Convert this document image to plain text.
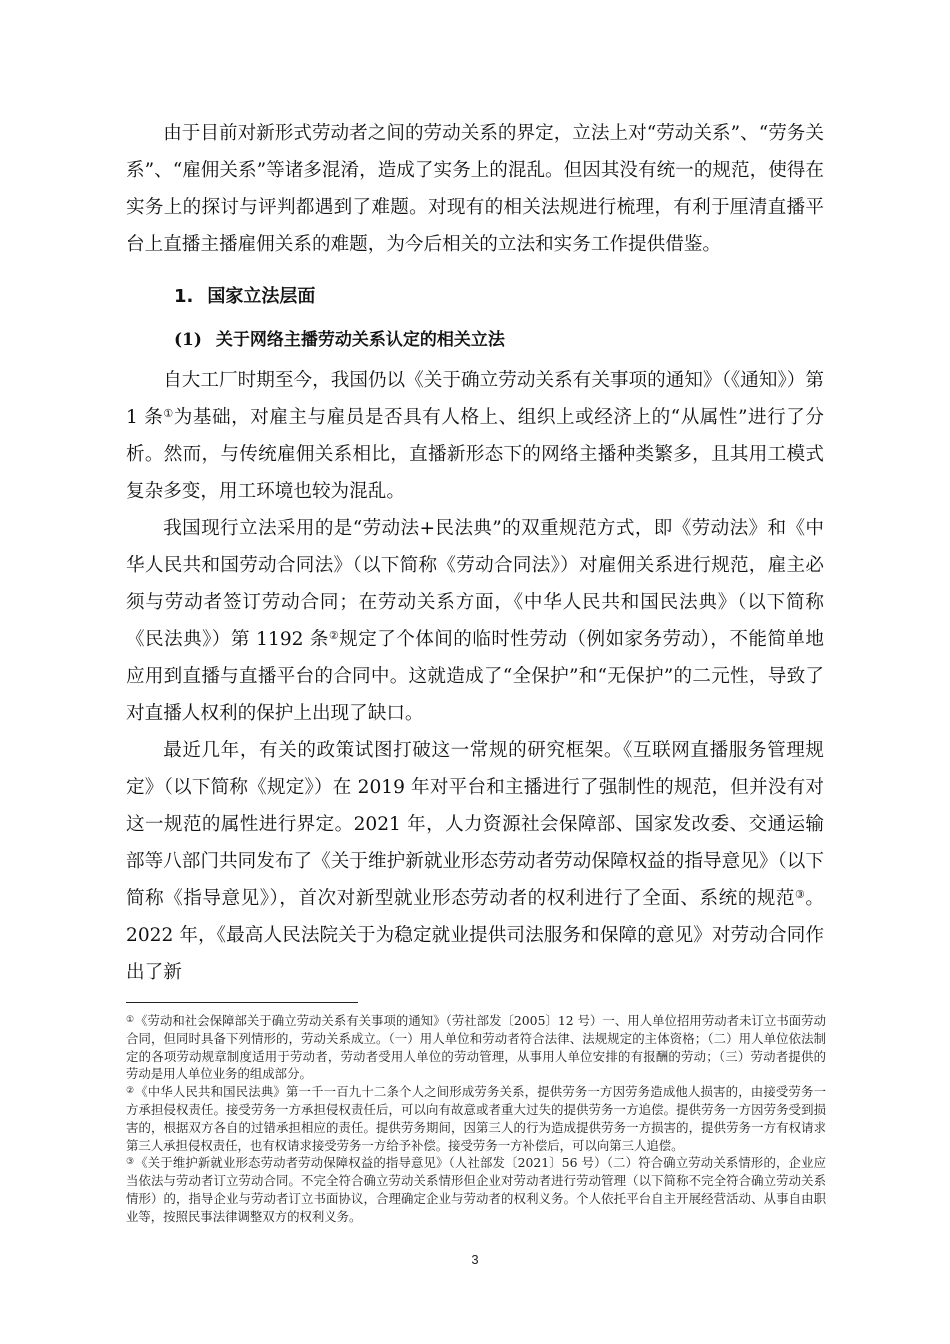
由于目前对新形式劳动者之间的劳动关系的界定，立法上对“劳动关系”、“劳务关系”、“雇佣关系”等诸多混淆，造成了实务上的混乱。但因其没有统一的规范，使得在实务上的探讨与评判都遇到了难题。对现有的相关法规进行梳理，有利于厘清直播平台上直播主播雇佣关系的难题，为今后相关的立法和实务工作提供借鉴。

1. 国家立法层面
(1) 关于网络主播劳动关系认定的相关立法

自大工厂时期至今，我国仍以《关于确立劳动关系有关事项的通知》（《通知》）第 1 条①为基础，对雇主与雇员是否具有人格上、组织上或经济上的“从属性”进行了分析。然而，与传统雇佣关系相比，直播新形态下的网络主播种类繁多，且其用工模式复杂多变，用工环境也较为混乱。

我国现行立法采用的是“劳动法+民法典”的双重规范方式，即《劳动法》和《中华人民共和国劳动合同法》（以下简称《劳动合同法》）对雇佣关系进行规范，雇主必须与劳动者签订劳动合同；在劳动关系方面，《中华人民共和国民法典》（以下简称《民法典》）第 1192 条②规定了个体间的临时性劳动（例如家务劳动），不能简单地应用到直播与直播平台的合同中。这就造成了“全保护”和“无保护”的二元性，导致了对直播人权利的保护上出现了缺口。

最近几年，有关的政策试图打破这一常规的研究框架。《互联网直播服务管理规定》（以下简称《规定》）在 2019 年对平台和主播进行了强制性的规范，但并没有对这一规范的属性进行界定。2021 年，人力资源社会保障部、国家发改委、交通运输部等八部门共同发布了《关于维护新就业形态劳动者劳动保障权益的指导意见》（以下简称《指导意见》），首次对新型就业形态劳动者的权利进行了全面、系统的规范③。2022 年，《最高人民法院关于为稳定就业提供司法服务和保障的意见》对劳动合同作出了新

①《劳动和社会保障部关于确立劳动关系有关事项的通知》（劳社部发〔2005〕12 号）一、用人单位招用劳动者未订立书面劳动合同，但同时具备下列情形的，劳动关系成立。（一）用人单位和劳动者符合法律、法规规定的主体资格；（二）用人单位依法制定的各项劳动规章制度适用于劳动者，劳动者受用人单位的劳动管理，从事用人单位安排的有报酬的劳动；（三）劳动者提供的劳动是用人单位业务的组成部分。

②《中华人民共和国民法典》第一千一百九十二条个人之间形成劳务关系，提供劳务一方因劳务造成他人损害的，由接受劳务一方承担侵权责任。接受劳务一方承担侵权责任后，可以向有故意或者重大过失的提供劳务一方追偿。提供劳务一方因劳务受到损害的，根据双方各自的过错承担相应的责任。提供劳务期间，因第三人的行为造成提供劳务一方损害的，提供劳务一方有权请求第三人承担侵权责任，也有权请求接受劳务一方给予补偿。接受劳务一方补偿后，可以向第三人追偿。

③《关于维护新就业形态劳动者劳动保障权益的指导意见》（人社部发〔2021〕56 号）（二）符合确立劳动关系情形的，企业应当依法与劳动者订立劳动合同。不完全符合确立劳动关系情形但企业对劳动者进行劳动管理（以下简称不完全符合确立劳动关系情形）的，指导企业与劳动者订立书面协议，合理确定企业与劳动者的权利义务。个人依托平台自主开展经营活动、从事自由职业等，按照民事法律调整双方的权利义务。

3
